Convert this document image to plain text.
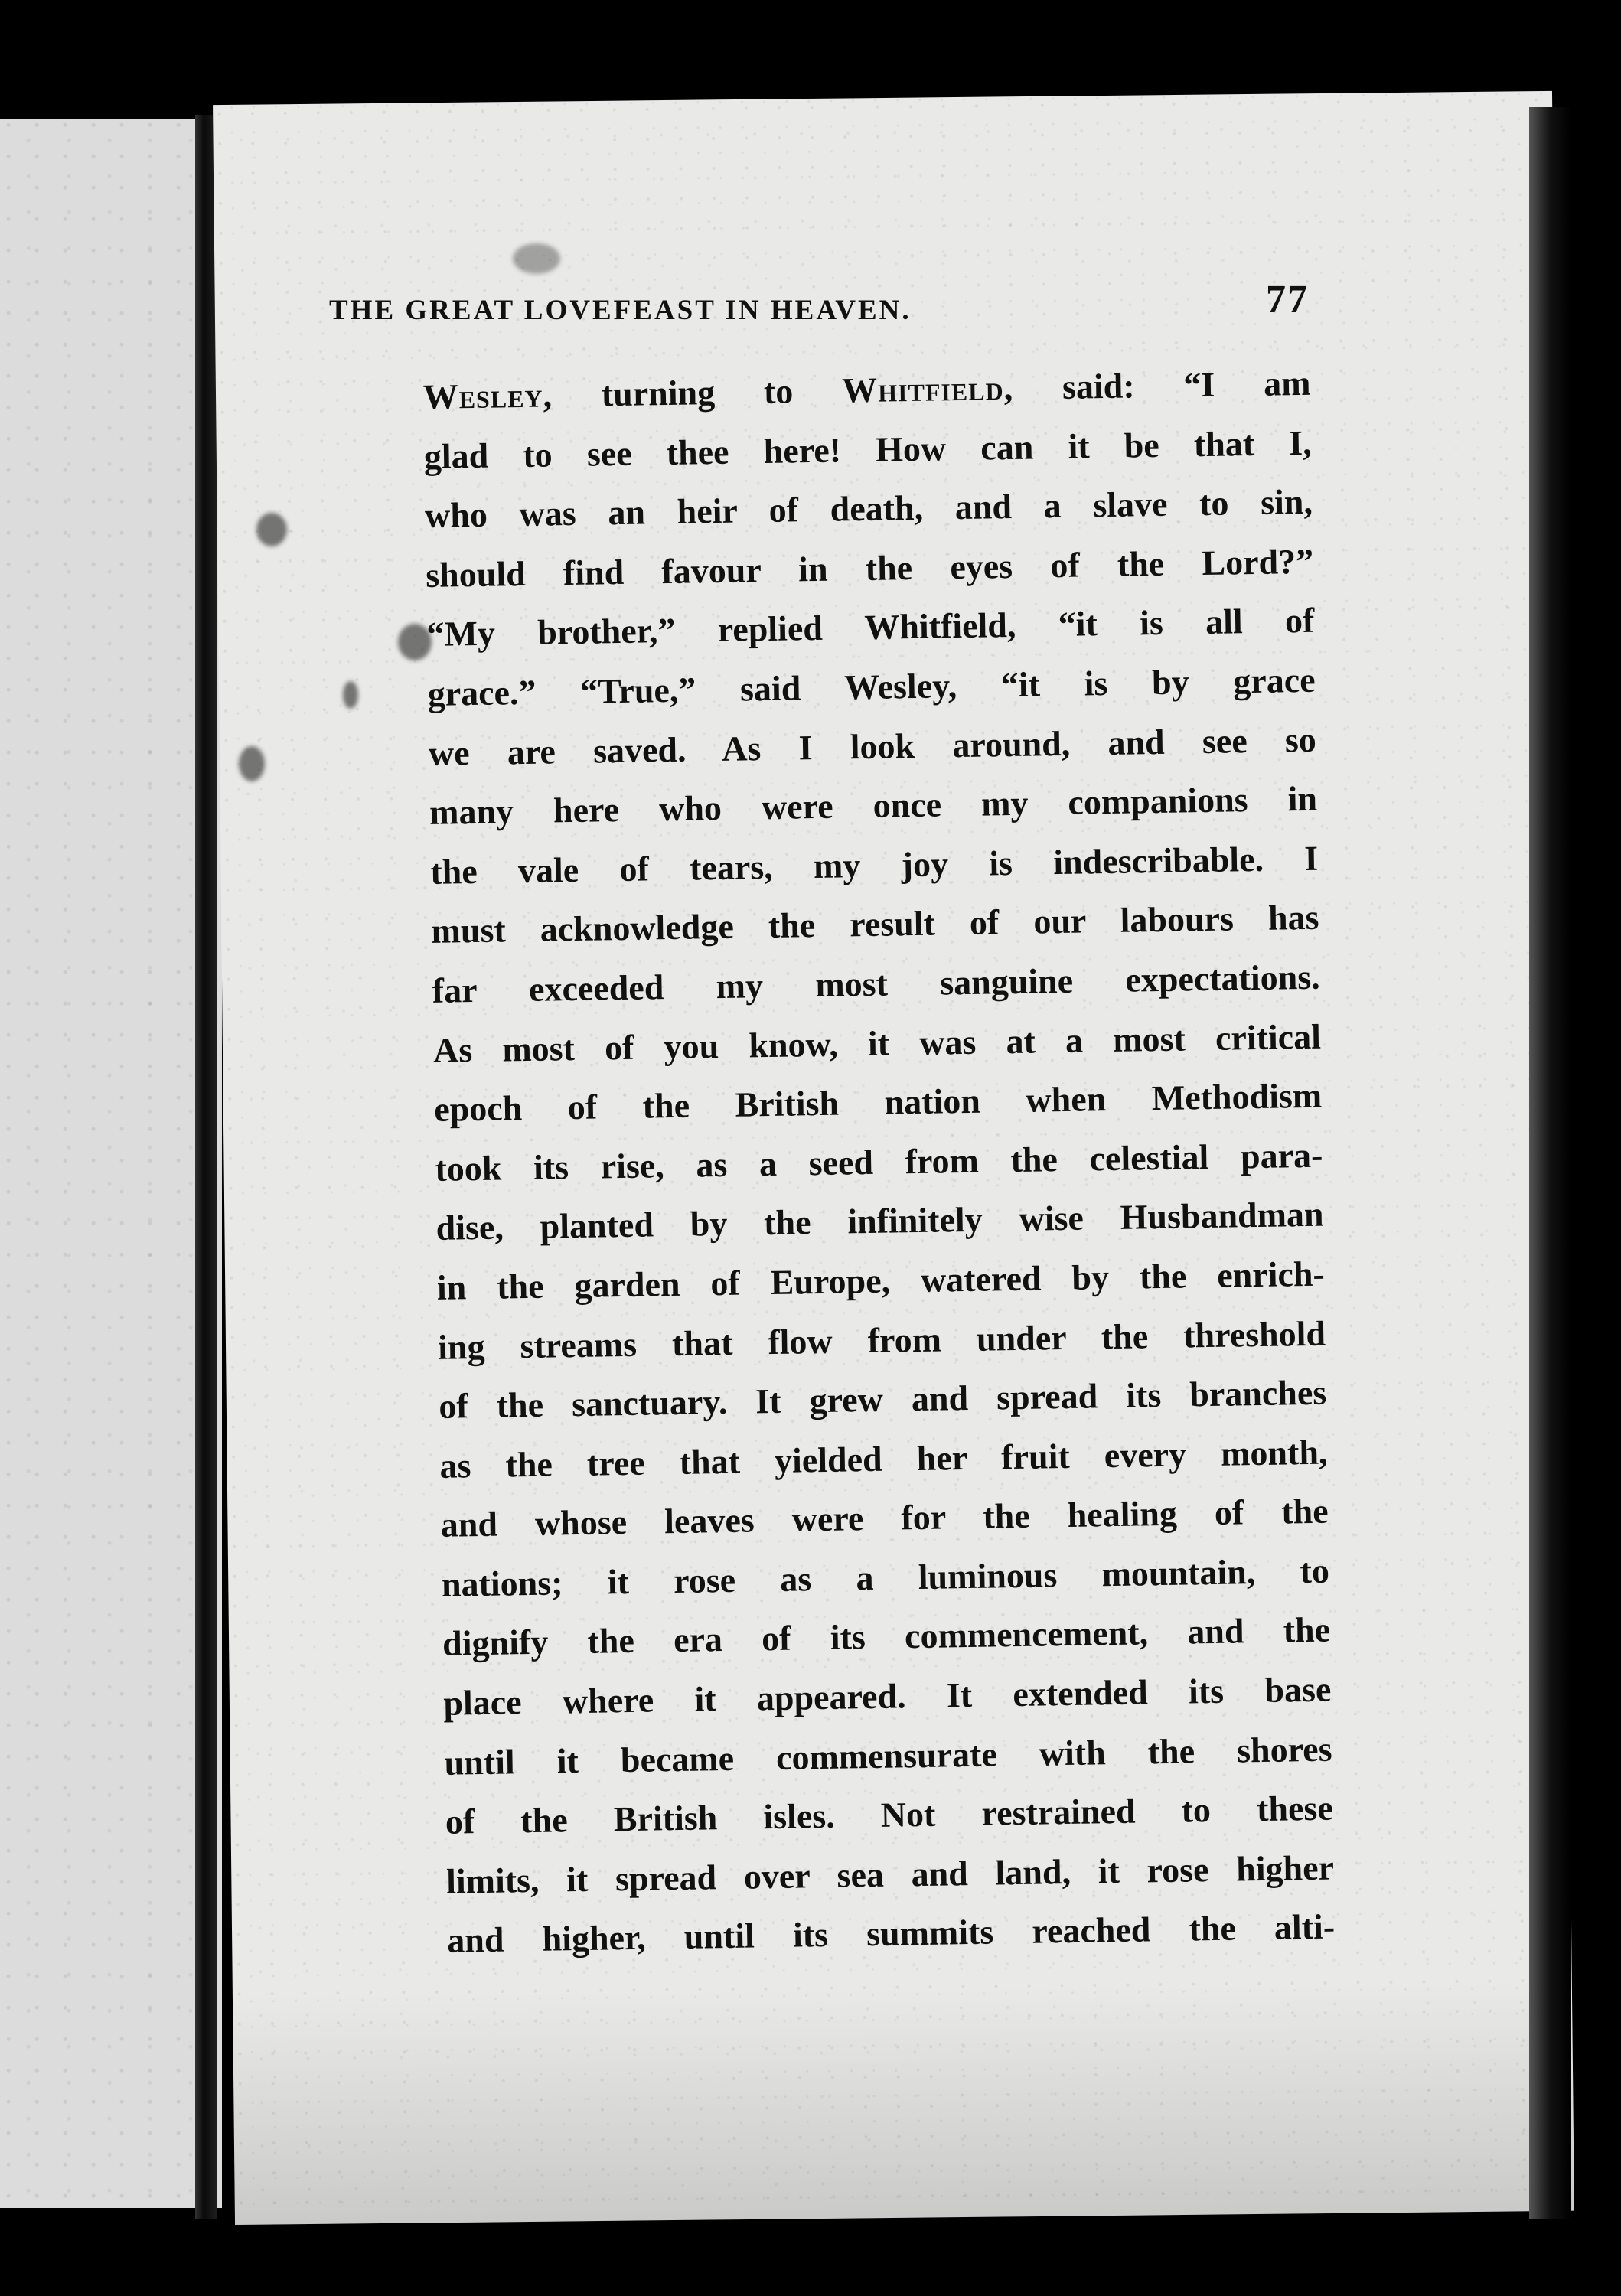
THE GREAT LOVEFEAST IN HEAVEN.	77
Wesley, turning to Whitfield, said: “I am
glad to see thee here! How can it be that I,
who was an heir of death, and a slave to sin,
should find favour in the eyes of the Lord?”
“My brother,” replied Whitfield, “it is all of
grace.” “True,” said Wesley, “it is by grace
we are saved. As I look around, and see so
many here who were once my companions in
the vale of tears, my joy is indescribable. I
must acknowledge the result of our labours has
far exceeded my most sanguine expectations.
As most of you know, it was at a most critical
epoch of the British nation when Methodism
took its rise, as a seed from the celestial para-
dise, planted by the infinitely wise Husbandman
in the garden of Europe, watered by the enrich-
ing streams that flow from under the threshold
of the sanctuary. It grew and spread its branches
as the tree that yielded her fruit every month,
and whose leaves were for the healing of the
nations; it rose as a luminous mountain, to
dignify the era of its commencement, and the
place where it appeared. It extended its base
until it became commensurate with the shores
of the British isles. Not restrained to these
limits, it spread over sea and land, it rose higher
and higher, until its summits reached the alti-
